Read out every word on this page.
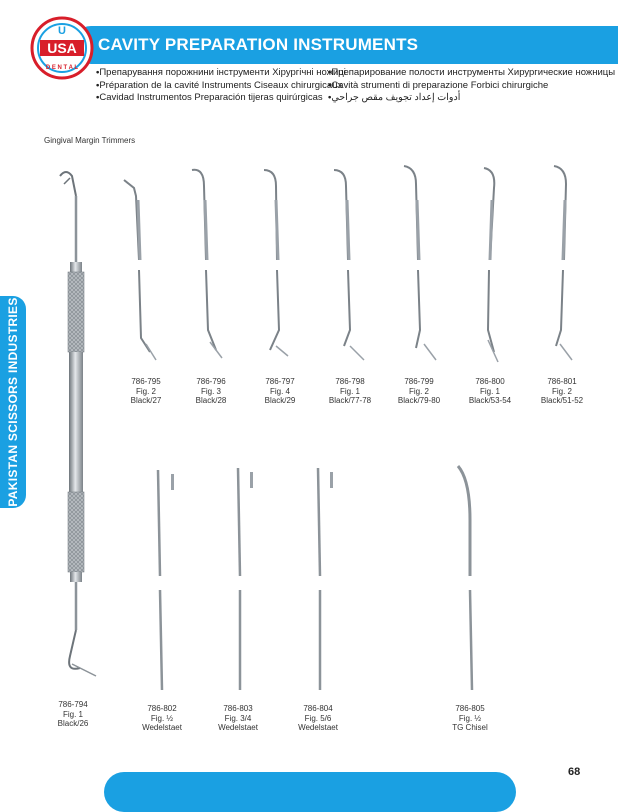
CAVITY PREPARATION INSTRUMENTS
U
USA
D E N T A L
•	Препарування порожнини інструменти Хірургічні ножиці
• Préparation de la cavité Instruments Ciseaux chirurgicaux
• Cavidad Instrumentos Preparación tijeras quirúrgicas
• Препарирование полости инструменты Хирургические ножницы
• Cavità strumenti di preparazione Forbici chirurgiche
• أدوات إعداد تجويف مقص جراحي
Gingival Margin Trimmers
PAKISTAN SCISSORS INDUSTRIES	786-795
Fig. 2
Black/27
786-796
Fig. 3
Black/28
786-797
Fig. 4
Black/29
786-798
Fig. 1
Black/77-78
786-799
Fig. 2
Black/79-80
786-800
Fig. 1
Black/53-54
786-801
Fig. 2
Black/51-52
786-794
Fig. 1
Black/26
786-802
Fig. ½
Wedelstaet
786-803
Fig. 3/4
Wedelstaet
786-804
Fig. 5/6
Wedelstaet
786-805
Fig. ½
TG Chisel
68
